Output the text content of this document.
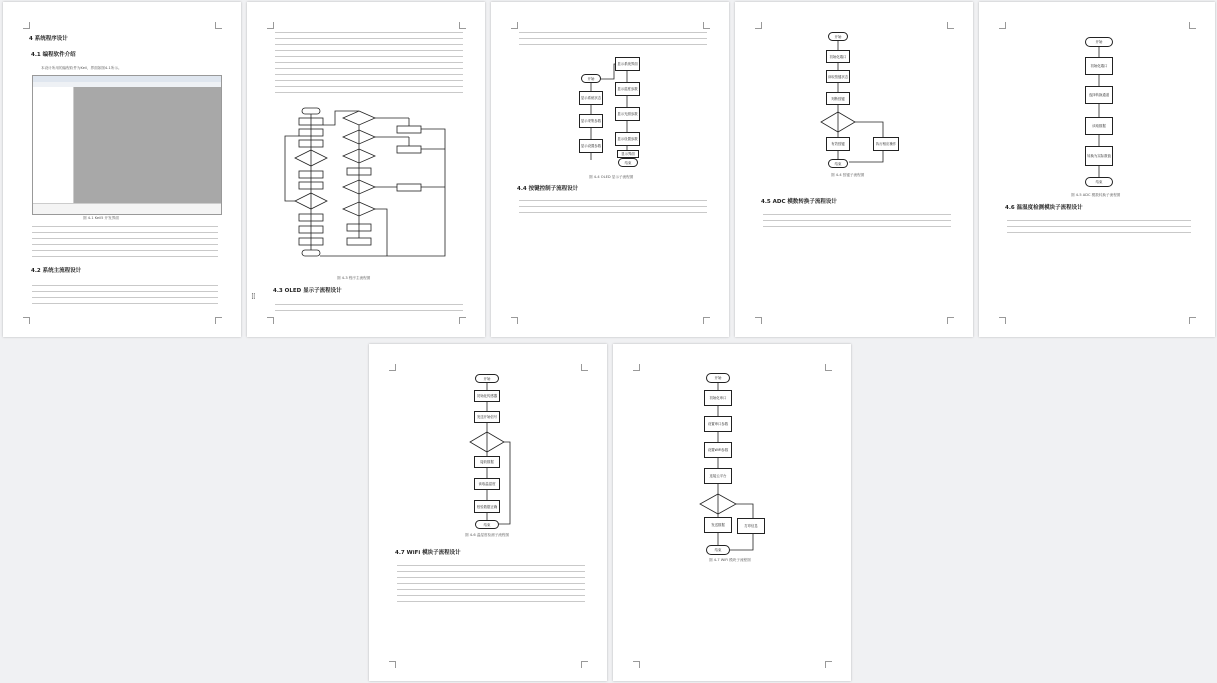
4 系统程序设计
4.1 编程软件介绍
本设计所用的编程软件为Keil，界面如图4-1所示。
图 4-1 Keil5 开发界面
4.2 系统主流程设计
图 4-3 程序主流程图
4.3 OLED 显示子流程设计
⁞⁞
开始
显示系统状态
显示采集参数
显示设置参数
显示系统界面
显示湿度参数
显示光照参数
显示设置参数
显示界面
结束
图 4-4 OLED 显示子流程图
4.4 按键控制子流程设计
开始
初始化端口
读取按键状态
判断按键
执行相应操作
有效按键
结束
图 4-4 按键子流程图
4.5 ADC 模数转换子流程设计
开始
初始化端口
选择转换通道
读取数据
转换为实际数值
结束
图 4-5 ADC 模数转换子流程图
4.6 温湿度检测模块子流程设计
开始
初始化传感器
发送开始信号
接收数据
读取温湿度
校验数据正确
结束
图 4-6 温湿度检测子流程图
4.7 WiFi 模块子流程设计
开始
初始化串口
设置串口参数
设置WiFi参数
连接云平台
发送数据	打印信息
结束
图 4-7 WiFi 模块子流程图
